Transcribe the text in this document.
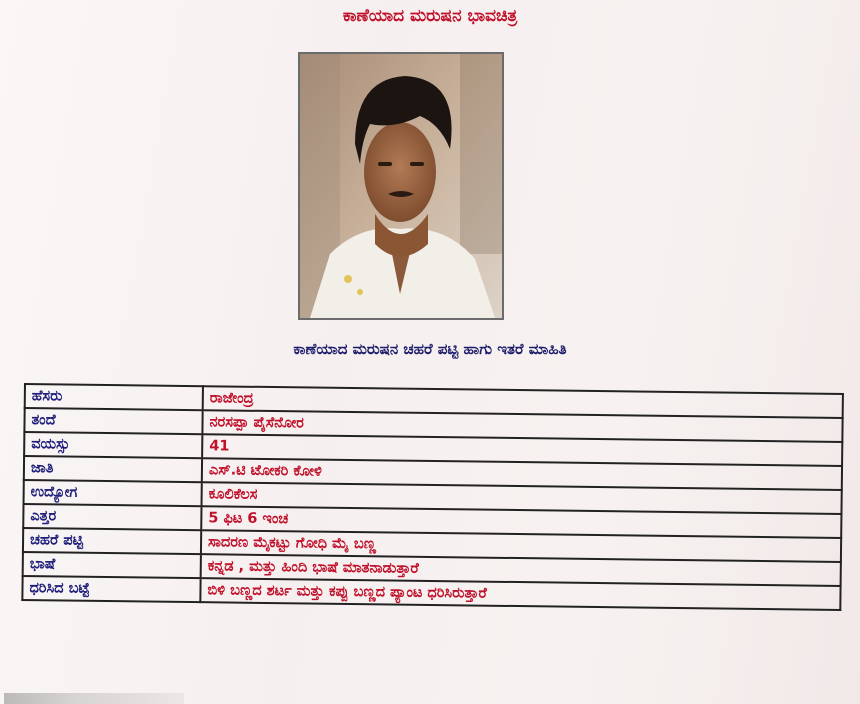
ಕಾಣೆಯಾದ ಮರುಷನ ಭಾವಚಿತ್ರ
ಕಾಣೆಯಾದ ಮರುಷನ ಚಹರೆ ಪಟ್ಟಿ ಹಾಗು ಇತರೆ ಮಾಹಿತಿ
ಹೆಸರು	ರಾಜೇಂದ್ರ
ತಂದೆ	ನರಸಪ್ಪಾ ಪೈಸೆನೋರ
ವಯಸ್ಸು	41
ಜಾತಿ	ಎಸ್.ಟಿ ಟೋಕರಿ ಕೋಳಿ
ಉದ್ಯೋಗ	ಕೂಲಿಕೆಲಸ
ಎತ್ತರ	5 ಫಿಟ 6 ಇಂಚ
ಚಹರೆ ಪಟ್ಟಿ	ಸಾದರಣ ಮೈಕಟ್ಟು ಗೋಧಿ ಮೈ ಬಣ್ಣ
ಭಾಷೆ	ಕನ್ನಡ , ಮತ್ತು ಹಿಂದಿ ಭಾಷೆ ಮಾತನಾಡುತ್ತಾರೆ
ಧರಿಸಿದ ಬಟ್ಟೆ	ಬಿಳಿ ಬಣ್ಣದ ಶರ್ಟ ಮತ್ತು ಕಪ್ಪು ಬಣ್ಣದ ಪ್ಯಾಂಟ ಧರಿಸಿರುತ್ತಾರೆ
